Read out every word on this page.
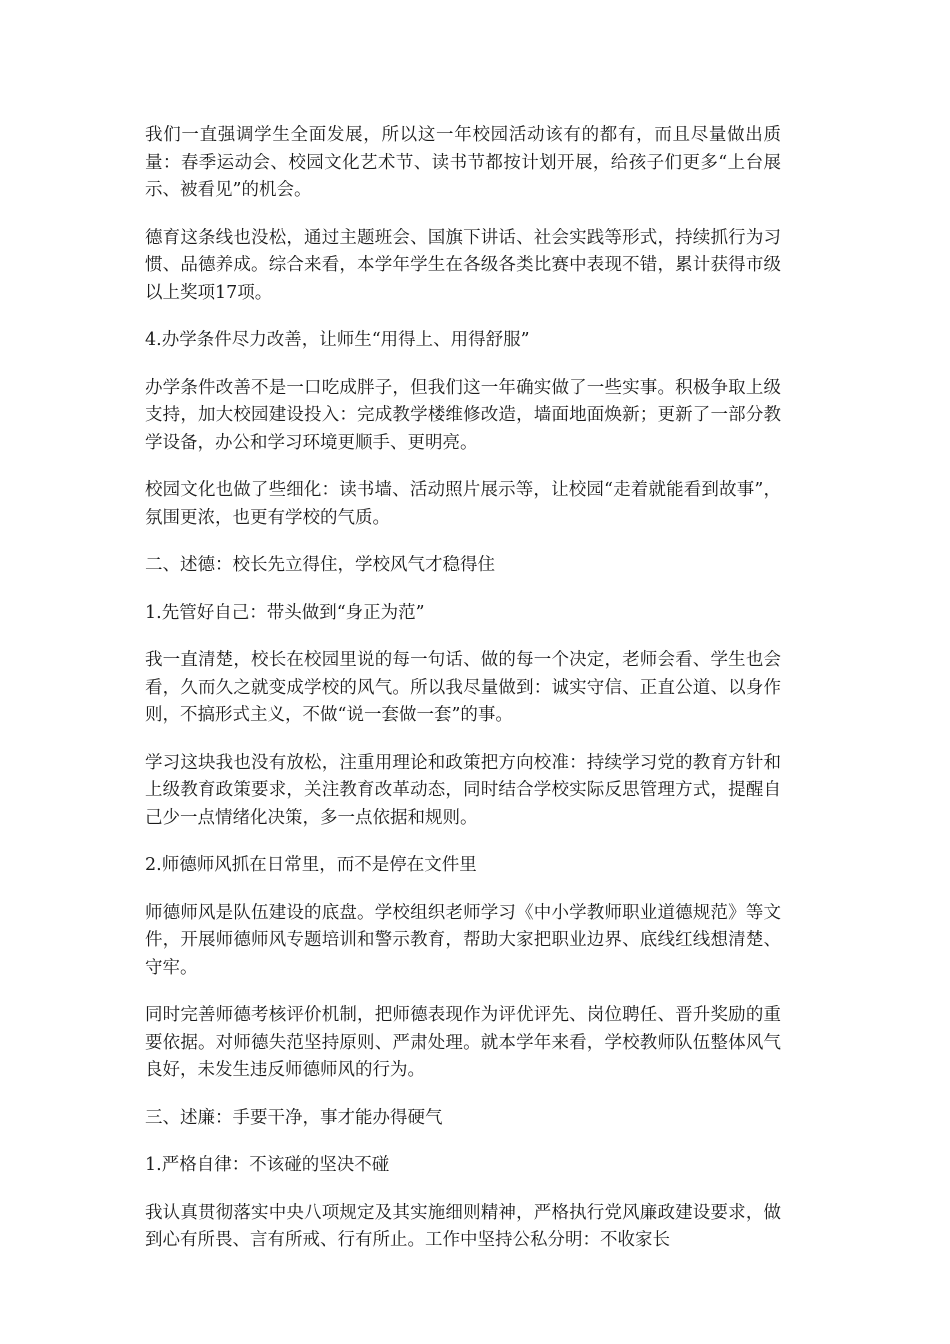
我们一直强调学生全面发展，所以这一年校园活动该有的都有，而且尽量做出质量：春季运动会、校园文化艺术节、读书节都按计划开展，给孩子们更多“上台展示、被看见”的机会。

德育这条线也没松，通过主题班会、国旗下讲话、社会实践等形式，持续抓行为习惯、品德养成。综合来看，本学年学生在各级各类比赛中表现不错，累计获得市级以上奖项17项。

4.办学条件尽力改善，让师生“用得上、用得舒服”

办学条件改善不是一口吃成胖子，但我们这一年确实做了一些实事。积极争取上级支持，加大校园建设投入：完成教学楼维修改造，墙面地面焕新；更新了一部分教学设备，办公和学习环境更顺手、更明亮。

校园文化也做了些细化：读书墙、活动照片展示等，让校园“走着就能看到故事”，氛围更浓，也更有学校的气质。

二、述德：校长先立得住，学校风气才稳得住

1.先管好自己：带头做到“身正为范”

我一直清楚，校长在校园里说的每一句话、做的每一个决定，老师会看、学生也会看，久而久之就变成学校的风气。所以我尽量做到：诚实守信、正直公道、以身作则，不搞形式主义，不做“说一套做一套”的事。

学习这块我也没有放松，注重用理论和政策把方向校准：持续学习党的教育方针和上级教育政策要求，关注教育改革动态，同时结合学校实际反思管理方式，提醒自己少一点情绪化决策，多一点依据和规则。

2.师德师风抓在日常里，而不是停在文件里

师德师风是队伍建设的底盘。学校组织老师学习《中小学教师职业道德规范》等文件，开展师德师风专题培训和警示教育，帮助大家把职业边界、底线红线想清楚、守牢。

同时完善师德考核评价机制，把师德表现作为评优评先、岗位聘任、晋升奖励的重要依据。对师德失范坚持原则、严肃处理。就本学年来看，学校教师队伍整体风气良好，未发生违反师德师风的行为。

三、述廉：手要干净，事才能办得硬气

1.严格自律：不该碰的坚决不碰

我认真贯彻落实中央八项规定及其实施细则精神，严格执行党风廉政建设要求，做到心有所畏、言有所戒、行有所止。工作中坚持公私分明：不收家长
